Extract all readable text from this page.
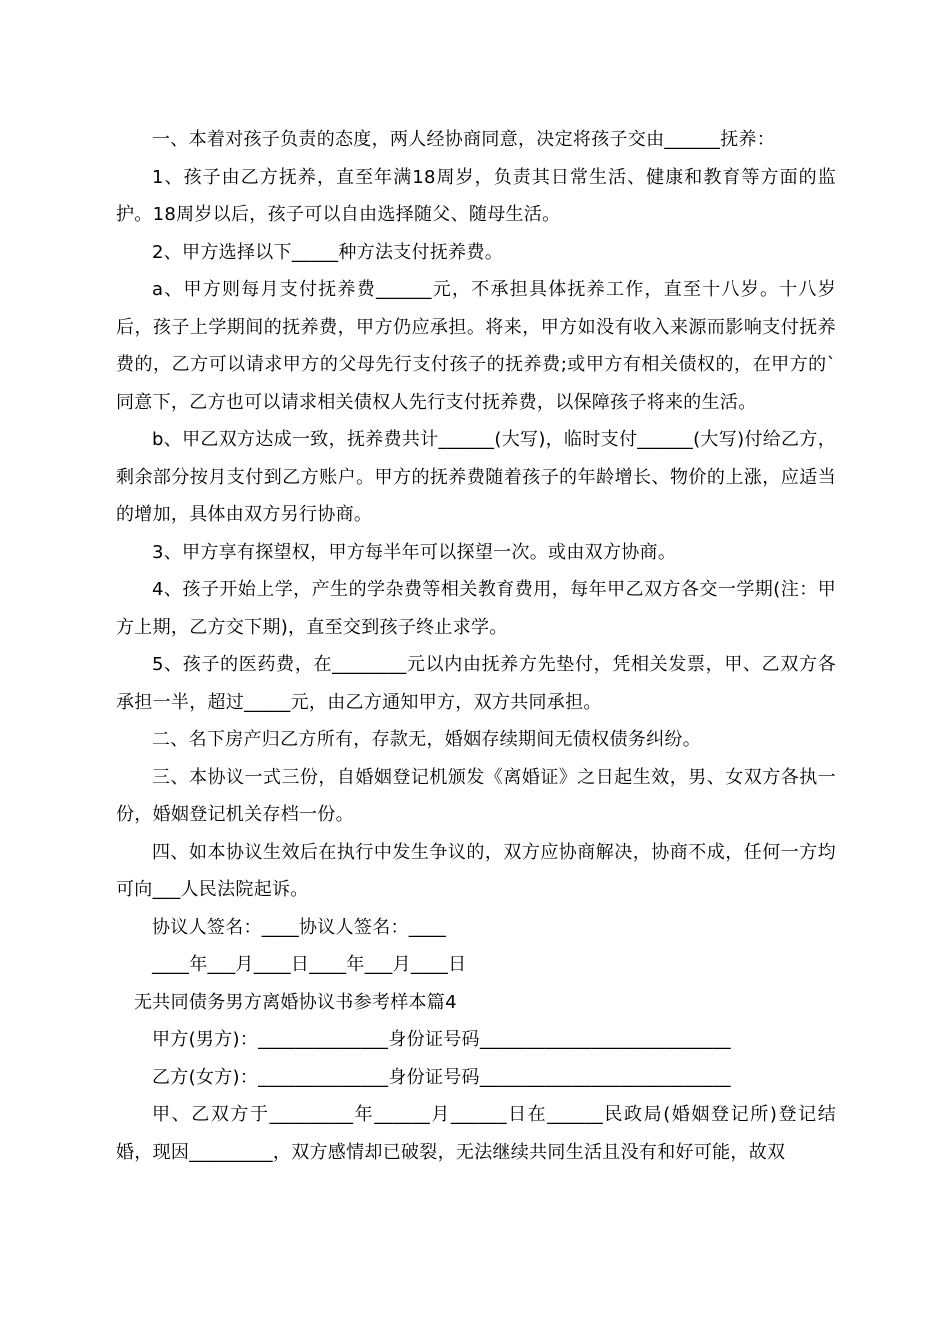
一、本着对孩子负责的态度，两人经协商同意，决定将孩子交由______抚养：

1、孩子由乙方抚养，直至年满18周岁，负责其日常生活、健康和教育等方面的监护。18周岁以后，孩子可以自由选择随父、随母生活。

2、甲方选择以下_____种方法支付抚养费。

a、甲方则每月支付抚养费______元，不承担具体抚养工作，直至十八岁。十八岁后，孩子上学期间的抚养费，甲方仍应承担。将来，甲方如没有收入来源而影响支付抚养费的，乙方可以请求甲方的父母先行支付孩子的抚养费;或甲方有相关债权的，在甲方的`同意下，乙方也可以请求相关债权人先行支付抚养费，以保障孩子将来的生活。

b、甲乙双方达成一致，抚养费共计______(大写)，临时支付______(大写)付给乙方，剩余部分按月支付到乙方账户。甲方的抚养费随着孩子的年龄增长、物价的上涨，应适当的增加，具体由双方另行协商。

3、甲方享有探望权，甲方每半年可以探望一次。或由双方协商。

4、孩子开始上学，产生的学杂费等相关教育费用，每年甲乙双方各交一学期(注：甲方上期，乙方交下期)，直至交到孩子终止求学。

5、孩子的医药费，在________元以内由抚养方先垫付，凭相关发票，甲、乙双方各承担一半，超过_____元，由乙方通知甲方，双方共同承担。

二、名下房产归乙方所有，存款无，婚姻存续期间无债权债务纠纷。

三、本协议一式三份，自婚姻登记机颁发《离婚证》之日起生效，男、女双方各执一份，婚姻登记机关存档一份。

四、如本协议生效后在执行中发生争议的，双方应协商解决，协商不成，任何一方均可向___人民法院起诉。

协议人签名：____协议人签名：____

____年___月____日____年___月____日

无共同债务男方离婚协议书参考样本篇4

甲方(男方)：______________身份证号码___________________________

乙方(女方)：______________身份证号码___________________________

甲、乙双方于_________年______月______日在______民政局(婚姻登记所)登记结婚，现因_________，双方感情却已破裂，无法继续共同生活且没有和好可能，故双
